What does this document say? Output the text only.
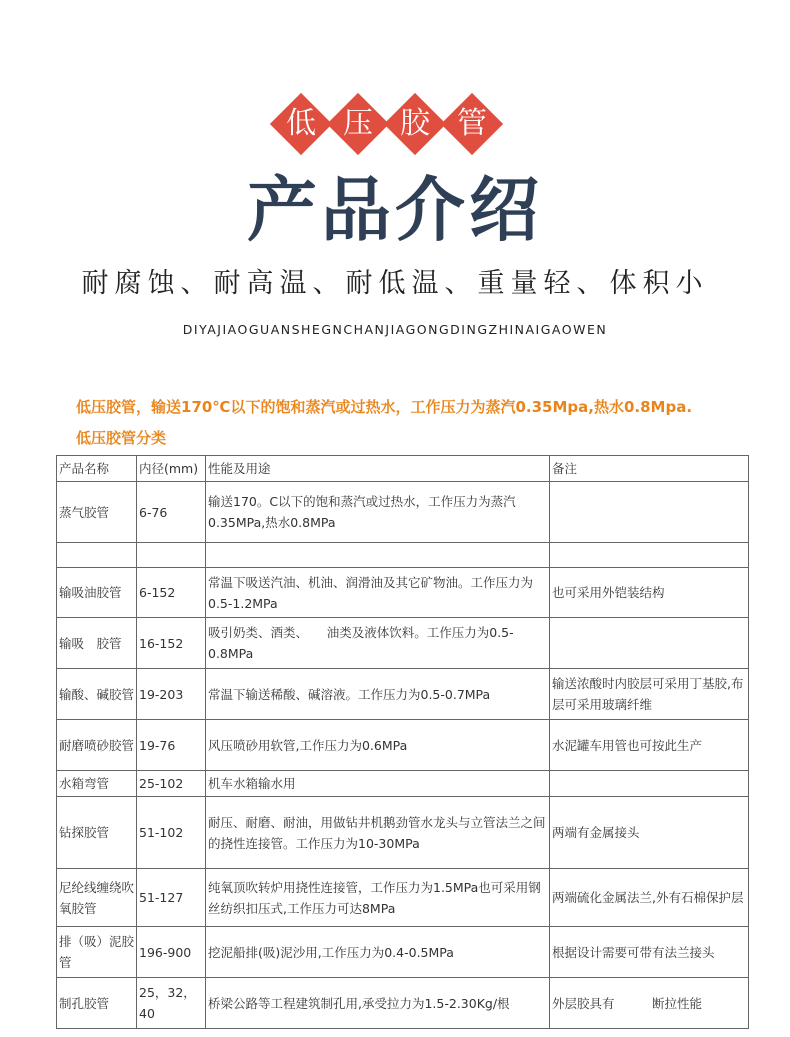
低 压 胶 管
产品介绍
耐腐蚀、耐高温、耐低温、重量轻、体积小
DIYAJIAOGUANSHEGNCHANJIAGONGDINGZHINAIGAOWEN
低压胶管，输送170℃以下的饱和蒸汽或过热水，工作压力为蒸汽0.35Mpa,热水0.8Mpa.
低压胶管分类
产品名称	内径(mm)	性能及用途	备注
蒸气胶管	6-76	输送170。C以下的饱和蒸汽或过热水，工作压力为蒸汽0.35MPa,热水0.8MPa	

输吸油胶管	6-152	常温下吸送汽油、机油、润滑油及其它矿物油。工作压力为0.5-1.2MPa	也可采用外铠装结构
输吸　胶管	16-152	吸引奶类、酒类、　　油类及液体饮料。工作压力为0.5-0.8MPa	
输酸、碱胶管	19-203	常温下输送稀酸、碱溶液。工作压力为0.5-0.7MPa	输送浓酸时内胶层可采用丁基胶,布层可采用玻璃纤维
耐磨喷砂胶管	19-76	风压喷砂用软管,工作压力为0.6MPa	水泥罐车用管也可按此生产
水箱弯管	25-102	机车水箱输水用	
钻探胶管	51-102	耐压、耐磨、耐油，用做钻井机鹅劲管水龙头与立管法兰之间的挠性连接管。工作压力为10-30MPa	两端有金属接头
尼纶线缠绕吹氧胶管	51-127	纯氧顶吹转炉用挠性连接管，工作压力为1.5MPa也可采用钢丝纺织扣压式,工作压力可达8MPa	两端硫化金属法兰,外有石棉保护层
排（吸）泥胶管	196-900	挖泥船排(吸)泥沙用,工作压力为0.4-0.5MPa	根据设计需要可带有法兰接头
制孔胶管	25，32，40	桥梁公路等工程建筑制孔用,承受拉力为1.5-2.30Kg/根	外层胶具有　　　断拉性能
